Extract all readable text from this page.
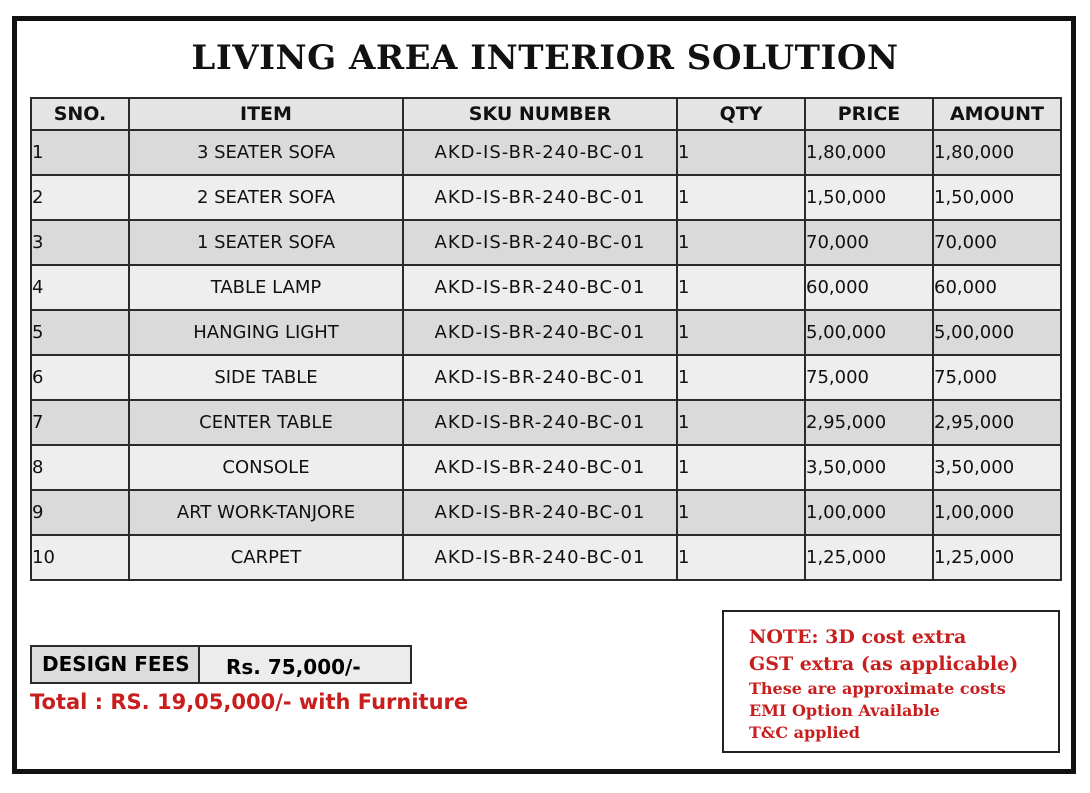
LIVING AREA INTERIOR SOLUTION
SNO.	ITEM	SKU NUMBER	QTY	PRICE	AMOUNT
1	3 SEATER SOFA	AKD-IS-BR-240-BC-01	1	1,80,000	1,80,000
2	2 SEATER SOFA	AKD-IS-BR-240-BC-01	1	1,50,000	1,50,000
3	1 SEATER SOFA	AKD-IS-BR-240-BC-01	1	70,000	70,000
4	TABLE LAMP	AKD-IS-BR-240-BC-01	1	60,000	60,000
5	HANGING LIGHT	AKD-IS-BR-240-BC-01	1	5,00,000	5,00,000
6	SIDE TABLE	AKD-IS-BR-240-BC-01	1	75,000	75,000
7	CENTER TABLE	AKD-IS-BR-240-BC-01	1	2,95,000	2,95,000
8	CONSOLE	AKD-IS-BR-240-BC-01	1	3,50,000	3,50,000
9	ART WORK-TANJORE	AKD-IS-BR-240-BC-01	1	1,00,000	1,00,000
10	CARPET	AKD-IS-BR-240-BC-01	1	1,25,000	1,25,000
DESIGN FEES	Rs. 75,000/-
Total : RS. 19,05,000/- with Furniture
NOTE: 3D cost extra
GST extra (as applicable)
These are approximate costs
EMI Option Available
T&C applied
